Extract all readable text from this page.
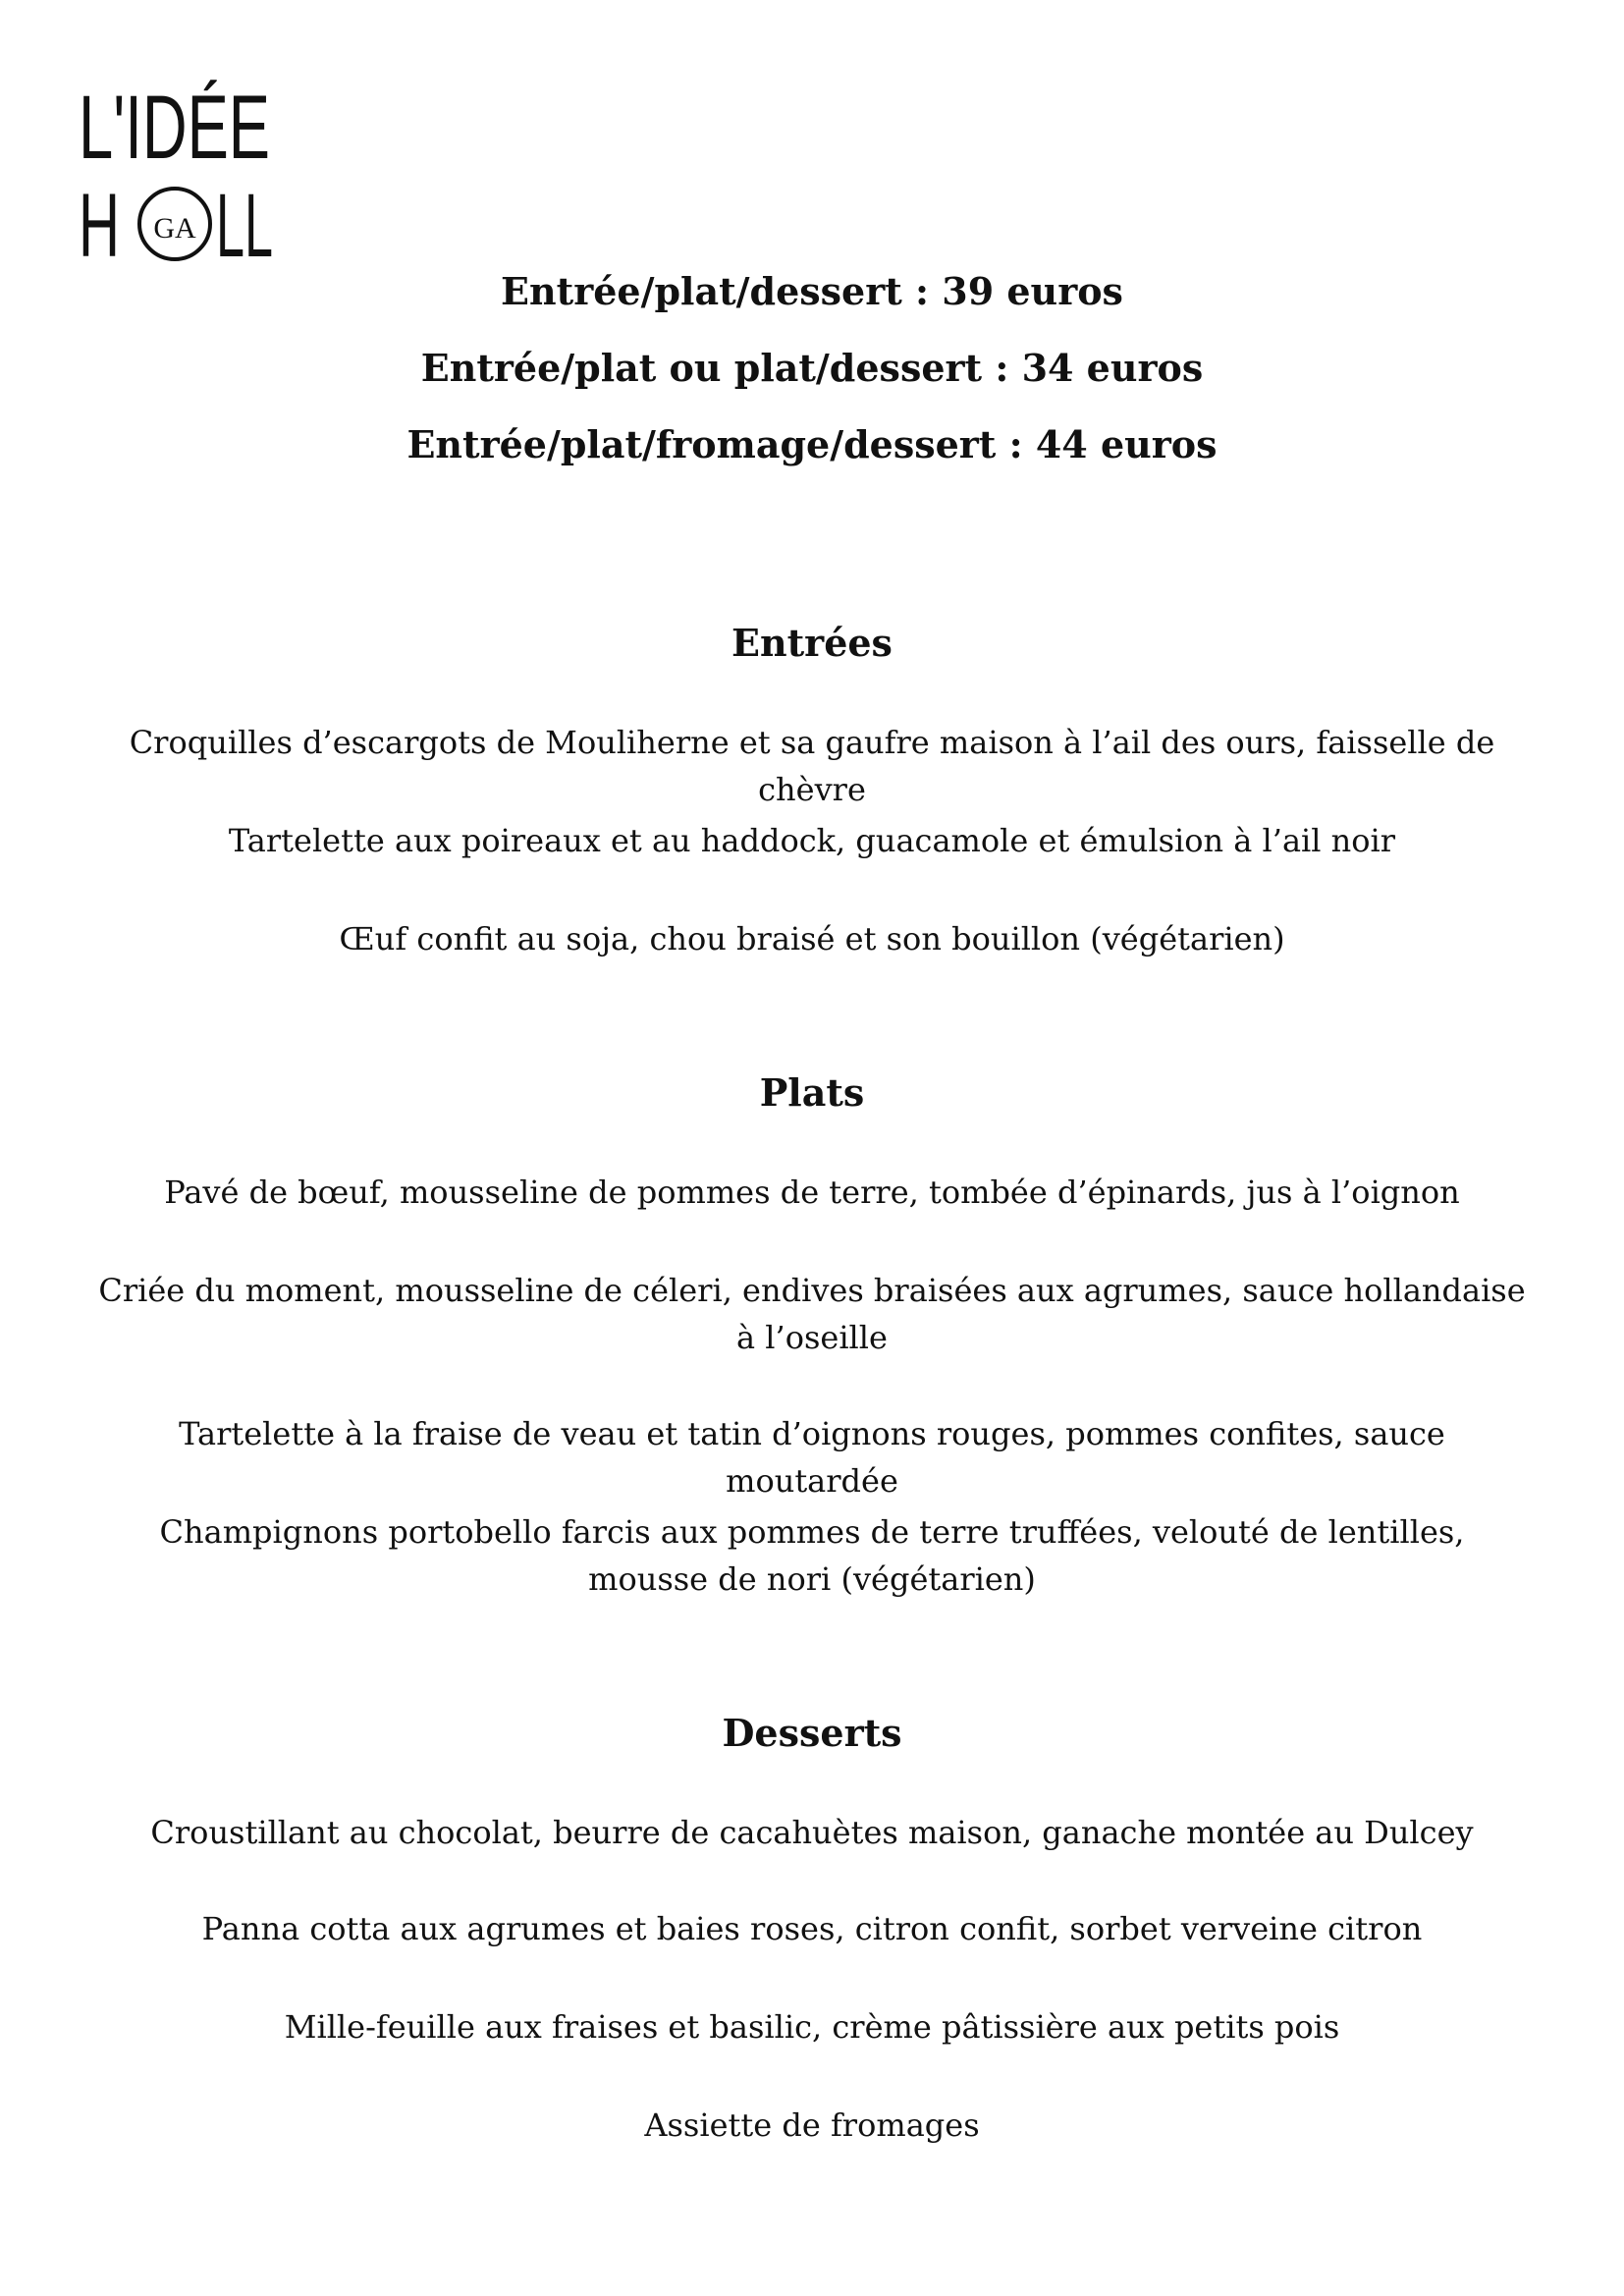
L'IDÉE
H GA LL
Entrée/plat/dessert : 39 euros
Entrée/plat ou plat/dessert : 34 euros
Entrée/plat/fromage/dessert : 44 euros
Entrées
Croquilles d’escargots de Mouliherne et sa gaufre maison à l’ail des ours, faisselle de chèvre
Tartelette aux poireaux et au haddock, guacamole et émulsion à l’ail noir
Œuf confit au soja, chou braisé et son bouillon (végétarien)
Plats
Pavé de bœuf, mousseline de pommes de terre, tombée d’épinards, jus à l’oignon
Criée du moment, mousseline de céleri, endives braisées aux agrumes, sauce hollandaise à l’oseille
Tartelette à la fraise de veau et tatin d’oignons rouges, pommes confites, sauce moutardée
Champignons portobello farcis aux pommes de terre truffées, velouté de lentilles, mousse de nori (végétarien)
Desserts
Croustillant au chocolat, beurre de cacahuètes maison, ganache montée au Dulcey
Panna cotta aux agrumes et baies roses, citron confit, sorbet verveine citron
Mille-feuille aux fraises et basilic, crème pâtissière aux petits pois
Assiette de fromages
